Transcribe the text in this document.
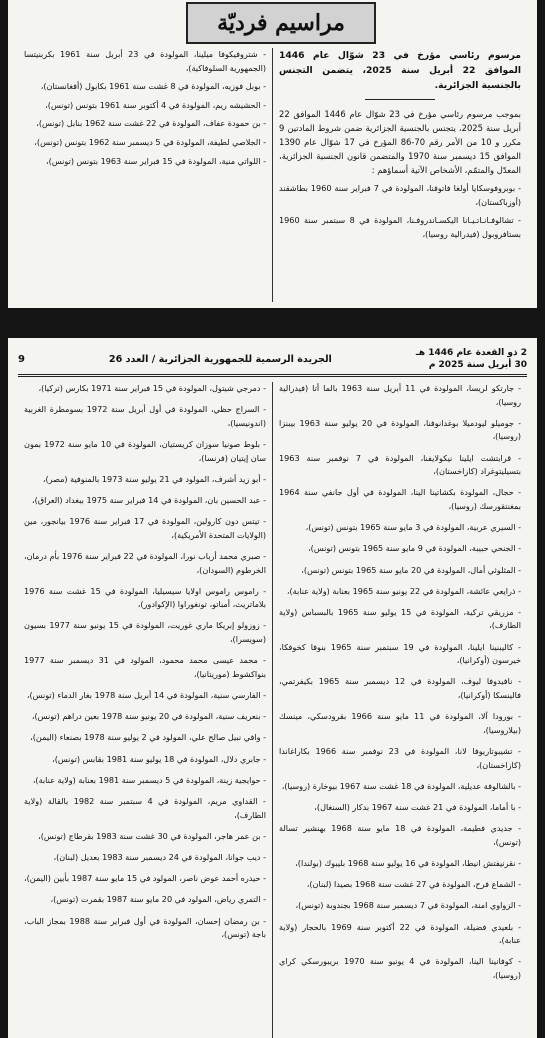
مراسيم فرديّة
مرسوم رئاسي مؤرخ في 23 شوّال عام 1446 الموافق 22 أبريل سنة 2025، يتضمن التجنس بالجنسية الجزائرية.
بموجب مرسوم رئاسي مؤرخ في 23 شوّال عام 1446 الموافق 22 أبريل سنة 2025، يتجنس بالجنسية الجزائرية ضمن شروط المادتين 9 مكرر و 10 من الأمر رقم 70-86 المؤرخ في 17 شوّال عام 1390 الموافق 15 ديسمبر سنة 1970 والمتضمن قانون الجنسية الجزائرية، المعدّل والمتمّم، الأشخاص الآتية أسماؤهم :
- بوبروفوسكايا أولغا فاتوفنا، المولودة في 7 فبراير سنة 1960 بطاشقند (أوزباكستان)،
- تشالوفـانـاتـيـانا اليكسـاندروفـنا، المولودة في 8 سبتمبر سنة 1960 بستافروبول (فيدرالية روسيا)،
- شتروفيكوفا ميلينا، المولودة في 23 أبريل سنة 1961 بكربنيتسا (الجمهورية السلوفاكية)،
- بوبل فوزيه، المولودة في 8 غشت سنة 1961 بكابول (أفغانستان)،
- الحشيشه ريم، المولودة في 4 أكتوبر سنة 1961 بتونس (تونس)،
- بن حمودة عفاف، المولودة في 22 غشت سنة 1962 بنابل (تونس)،
- الجلاصي لطيفة، المولودة في 5 ديسمبر سنة 1962 بتونس (تونس)،
- اللواتي منية، المولودة في 15 فبراير سنة 1963 بتونس (تونس)،
2 ذو القعدة عام 1446 هـ
30 أبريل سنة 2025 م
الجريدة الرسمية للجمهورية الجزائرية / العدد 26
9
- جارتكو لريسا، المولودة في 11 أبريل سنة 1963 بالما أتا (فيدرالية روسيا)،
- جوميلو ليودميلا بوغدانوفنا، المولودة في 20 يوليو سنة 1963 بيبنزا (روسيا)،
- قرابتشت ايلينا نيكولايفنا، المولودة في 7 نوفمبر سنة 1963 بتسيليتوغراد (كازاخستان)،
- حجال، المولودة بكشاتينا الينا، المولودة في أول جانفي سنة 1964 بمغنتقورسك (روسيا)،
- السيري عربية، المولودة في 3 مايو سنة 1965 بتونس (تونس)،
- الجنحي حبيبة، المولودة في 9 مايو سنة 1965 بتونس (تونس)،
- المثلوثي أمال، المولودة في 20 مايو سنة 1965 بتونس (تونس)،
- ذرايعي عائشة، المولودة في 22 يونيو سنة 1965 بعنابة (ولاية عنابة)،
- مزريقي تركية، المولودة في 15 يوليو سنة 1965 بالبسباس (ولاية الطارف)،
- كاليبنينا ايلينا، المولودة في 19 سبتمبر سنة 1965 بنوفا كخوفكا، خيرسون (أوكرانيا)،
- نافيدوفا ليوف، المولودة في 12 ديسمبر سنة 1965 بكيفرتمي، فالينسكا (أوكرانيا)،
- بورودا آلا، المولودة في 11 مايو سنة 1966 بقرودسكي، مينسك (بيلاروسيا)،
- تشيبوتاريوفا لانا، المولودة في 23 نوفمبر سنة 1966 بكاراغاندا (كازاخستان)،
- بالشالوفة عديلية، المولودة في 18 غشت سنة 1967 بيوخارة (روسيا)،
- با أماما، المولودة في 21 غشت سنة 1967 بدكار (السنغال)،
- جديدي فطيمة، المولودة في 18 مايو سنة 1968 بهنشير تسالة (تونس)،
- نقرنيفتش انيطا، المولودة في 16 يوليو سنة 1968 بليبوك (بولندا)،
- الشماع فرح، المولودة في 27 غشت سنة 1968 بصيدا (لبنان)،
- الزواوي امنة، المولودة في 7 ديسمبر سنة 1968 بجندوبة (تونس)،
- بلعيدي فضيلة، المولودة في 22 أكتوبر سنة 1969 بالحجار (ولاية عنابة)،
- كوفانينا الينا، المولودة في 4 يونيو سنة 1970 بريبورسكي كراي (روسيا)،
- دمرجي شيتول، المولودة في 15 فبراير سنة 1971 بكارس (تركيا)،
- السراج حظي، المولودة في أول أبريل سنة 1972 بسومطرة الغربية (اندونيسيا)،
- بلوط صونيا سوزان كريستيان، المولودة في 10 مايو سنة 1972 بمون سان إيتيان (فرنسا)،
- أبو زيد أشرف، المولود في 21 يوليو سنة 1973 بالمنوفية (مصر)،
- عبد الحسين بان، المولودة في 14 فبراير سنة 1975 ببغداد (العراق)،
- تيتس دون كارولين، المولودة في 17 فبراير سنة 1976 بيانجور، مين (الولايات المتحدة الأمريكية)،
- صبري محمد أرباب نورا، المولودة في 22 فبراير سنة 1976 بأم درمان، الخرطوم (السودان)،
- راموس راموس اولايا سيسيليا، المولودة في 15 غشت سنة 1976 بلاماتريث، أمباتو، تونغوراوا (الإكوادور)،
- زوزولو إبريكا ماري غوريت، المولودة في 15 يونيو سنة 1977 بسيون (سويسرا)،
- محمد عيسى محمد محمود، المولود في 31 ديسمبر سنة 1977 بنواكشوط (موريتانيا)،
- الفارسي سنية، المولودة في 14 أبريل سنة 1978 بغار الدماء (تونس)،
- بنعريف سنية، المولودة في 20 يونيو سنة 1978 بعين دراهم (تونس)،
- وافي نبيل صالح علي، المولود في 2 يوليو سنة 1978 بصنعاء (اليمن)،
- جابري دلال، المولودة في 18 يوليو سنة 1981 بقابس (تونس)،
- حوايجية زينة، المولودة في 5 ديسمبر سنة 1981 بعنابة (ولاية عنابة)،
- القداوي مريم، المولودة في 4 سبتمبر سنة 1982 بالقالة (ولاية الطارف)،
- بن عمر هاجر، المولودة في 30 غشت سنة 1983 بقرطاج (تونس)،
- ديب جوانا، المولودة في 24 ديسمبر سنة 1983 بعديل (لبنان)،
- حيدره أحمد عوض ناصر، المولود في 15 مايو سنة 1987 بأبين (اليمن)،
- التمري رياض، المولود في 20 مايو سنة 1987 بقمرت (تونس)،
- بن رمضان إحسان، المولودة في أول فبراير سنة 1988 بمجاز الباب، باجة (تونس)،
